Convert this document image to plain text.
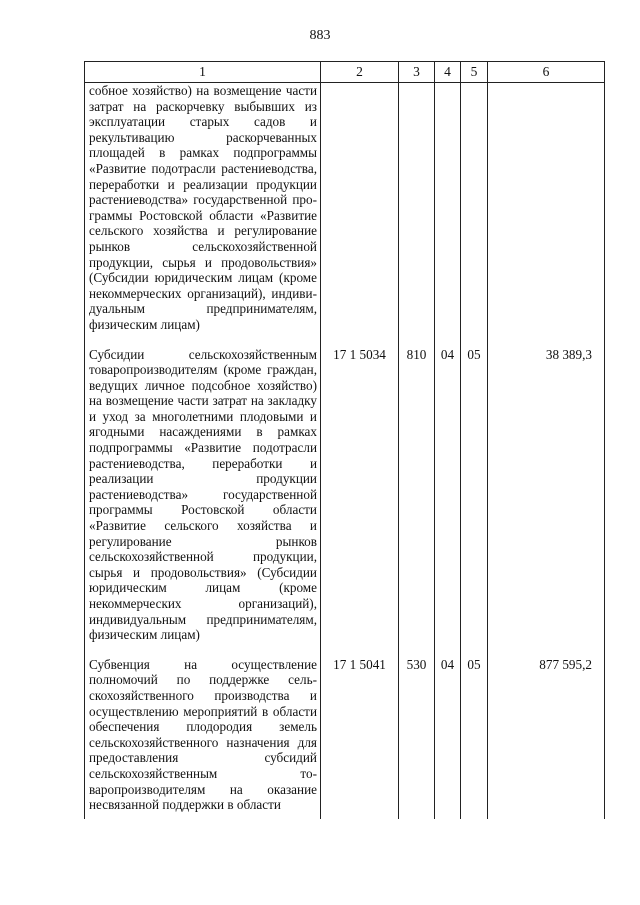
883
1	2	3	4	5	6
собное хозяйство) на возмещение части затрат на раскорчевку выбывших из эксплуатации старых садов и рекультивацию раскорчеванных площадей в рамках подпрограммы «Развитие подотрасли растениеводства, переработки и реализации продукции растениеводства» государственной программы Ростовской области «Развитие сельского хозяйства и регулирование рынков сельскохозяйственной продукции, сырья и продовольствия» (Субсидии юридическим лицам (кроме некоммерческих организаций), индивидуальным предпринимателям, физическим лицам)					
Субсидии сельскохозяйственным товаропроизводителям (кроме граждан, ведущих личное подсобное хозяйство) на возмещение части затрат на закладку и уход за многолетними плодовыми и ягодными насаждениями в рамках подпрограммы «Развитие подотрасли растениеводства, переработки и реализации продукции растениеводства» государственной программы Ростовской области «Развитие сельского хозяйства и регулирование рынков сельскохозяйственной продукции, сырья и продовольствия» (Субсидии юридическим лицам (кроме некоммерческих организаций), индивидуальным предпринимателям, физическим лицам)	17 1 5034	810	04	05	38 389,3
Субвенция на осуществление полномочий по поддержке сельскохозяйственного производства и осуществлению мероприятий в области обеспечения плодородия земель сельскохозяйственного назначения для предоставления субсидий сельскохозяйственным товаропроизводителям на оказание несвязанной поддержки в области	17 1 5041	530	04	05	877 595,2
